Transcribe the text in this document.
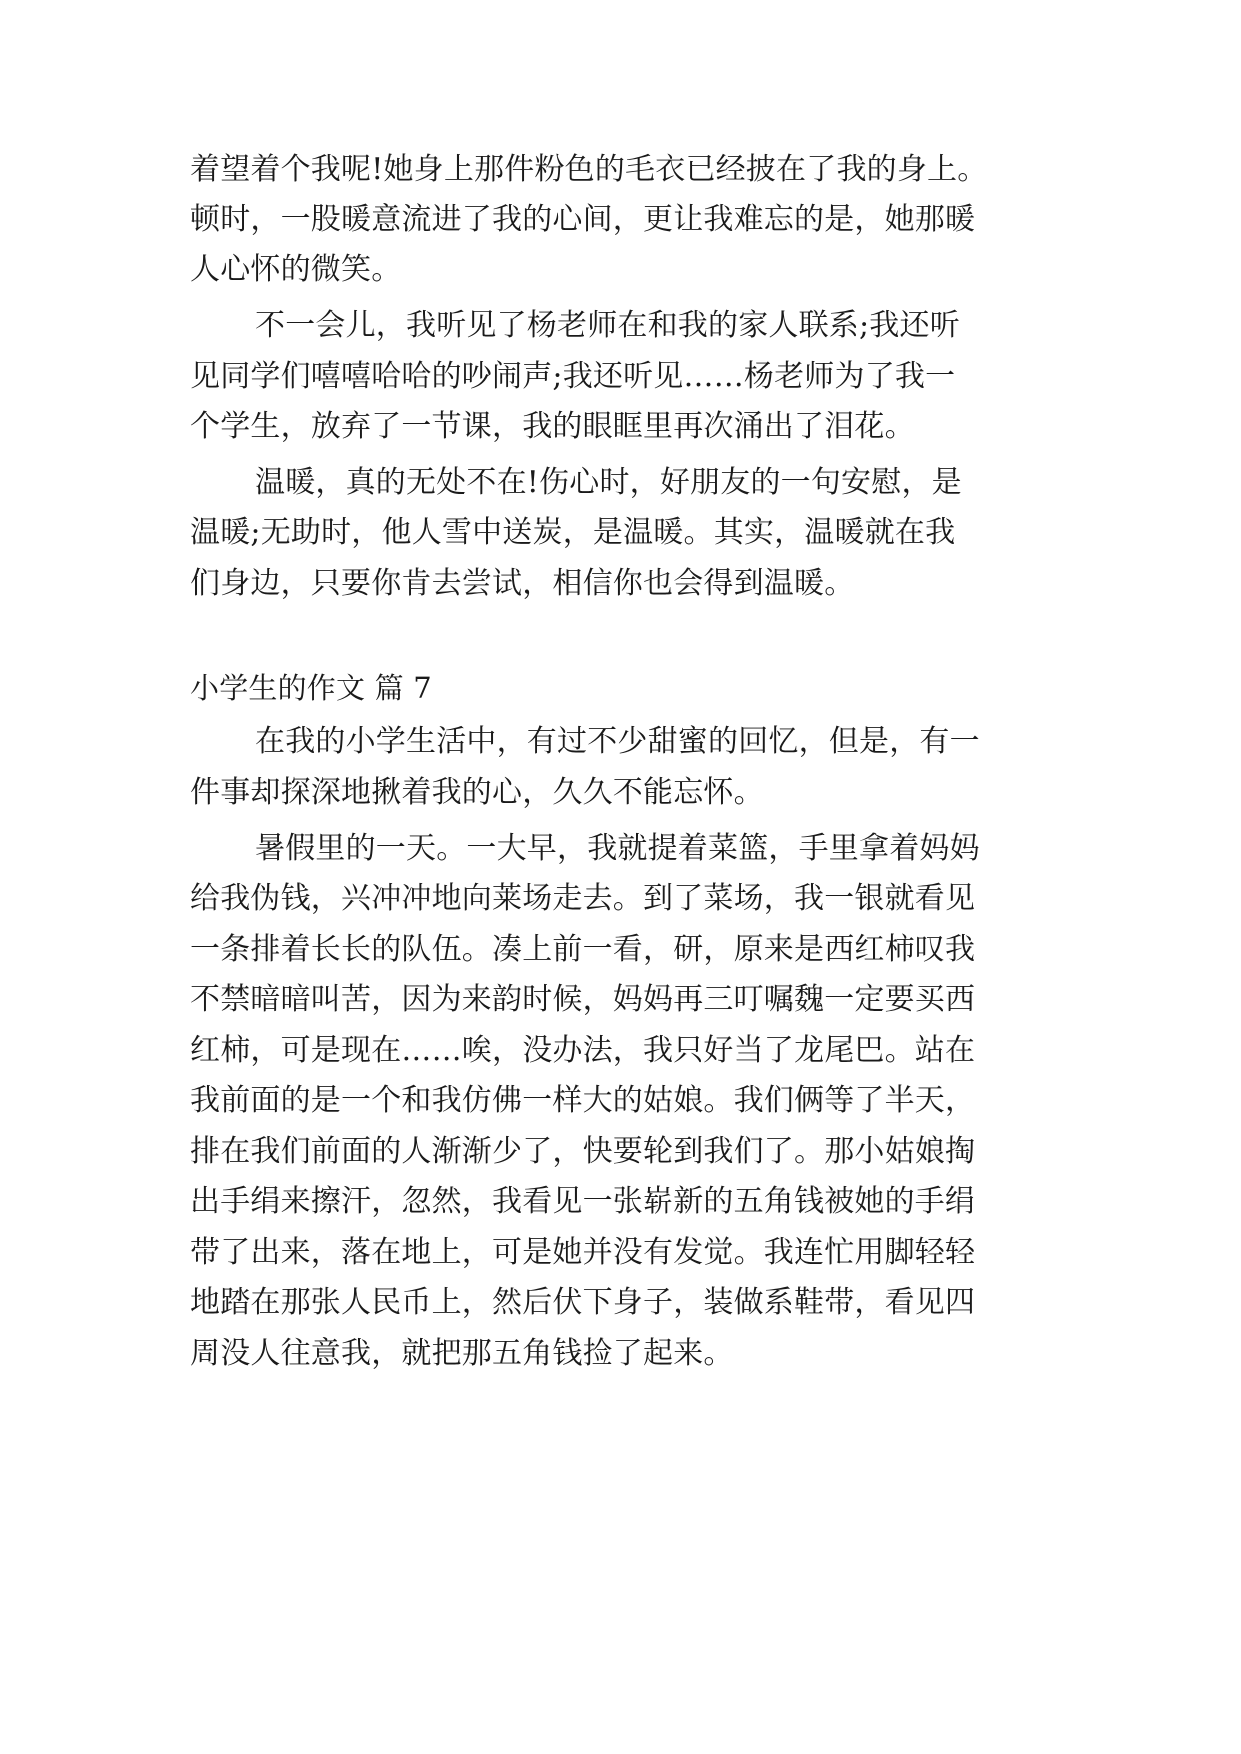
着望着个我呢!她身上那件粉色的毛衣已经披在了我的身上。
顿时，一股暖意流进了我的心间，更让我难忘的是，她那暖
人心怀的微笑。
不一会儿，我听见了杨老师在和我的家人联系;我还听
见同学们嘻嘻哈哈的吵闹声;我还听见……杨老师为了我一
个学生，放弃了一节课，我的眼眶里再次涌出了泪花。
温暖，真的无处不在!伤心时，好朋友的一句安慰，是
温暖;无助时，他人雪中送炭，是温暖。其实，温暖就在我
们身边，只要你肯去尝试，相信你也会得到温暖。
小学生的作文 篇 7
在我的小学生活中，有过不少甜蜜的回忆，但是，有一
件事却探深地揪着我的心，久久不能忘怀。
暑假里的一天。一大早，我就提着菜篮，手里拿着妈妈
给我伪钱，兴冲冲地向莱场走去。到了菜场，我一银就看见
一条排着长长的队伍。凑上前一看，研，原来是西红柿叹我
不禁暗暗叫苦，因为来韵时候，妈妈再三叮嘱魏一定要买西
红柿，可是现在……唉，没办法，我只好当了龙尾巴。站在
我前面的是一个和我仿佛一样大的姑娘。我们俩等了半天，
排在我们前面的人渐渐少了，快要轮到我们了。那小姑娘掏
出手绢来擦汗，忽然，我看见一张崭新的五角钱被她的手绢
带了出来，落在地上，可是她并没有发觉。我连忙用脚轻轻
地踏在那张人民币上，然后伏下身子，装做系鞋带，看见四
周没人往意我，就把那五角钱捡了起来。
